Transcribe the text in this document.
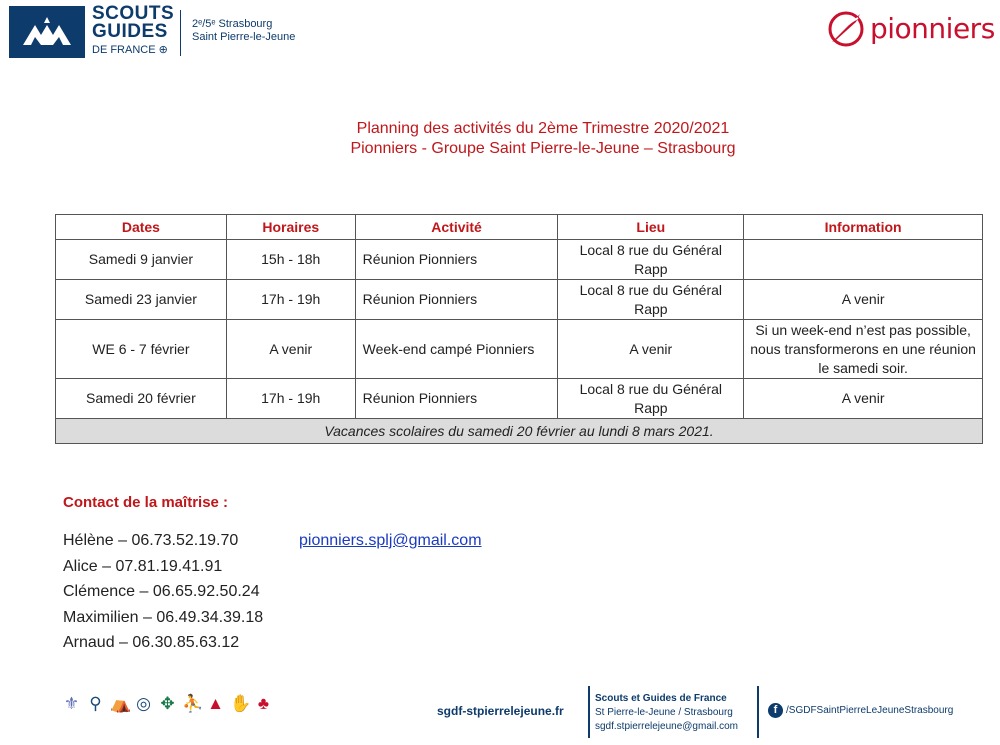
SCOUTS
GUIDES
DE FRANCE ⊕
2ᵉ/5ᵉ Strasbourg
Saint Pierre-le-Jeune	pionniers
Planning des activités du 2ème Trimestre 2020/2021
Pionniers - Groupe Saint Pierre-le-Jeune – Strasbourg
Dates	Horaires	Activité	Lieu	Information
Samedi 9 janvier	15h - 18h	Réunion Pionniers	Local 8 rue du Général Rapp	
Samedi 23 janvier	17h - 19h	Réunion Pionniers	Local 8 rue du Général Rapp	A venir
WE 6 - 7 février	A venir	Week-end campé Pionniers	A venir	Si un week-end n’est pas possible, nous transformerons en une réunion le samedi soir.
Samedi 20 février	17h - 19h	Réunion Pionniers	Local 8 rue du Général Rapp	A venir
Vacances scolaires du samedi 20 février au lundi 8 mars 2021.				
Contact de la maîtrise :
Hélène – 06.73.52.19.70
Alice – 07.81.19.41.91
Clémence – 06.65.92.50.24
Maximilien – 06.49.34.39.18
Arnaud – 06.30.85.63.12
pionniers.splj@gmail.com
⚜ ⚲ ⛺ ◎ ✥ ⛹ ▲ ✋ ♣	sgdf-stpierrelejeune.fr
Scouts et Guides de France
St Pierre-le-Jeune / Strasbourg
sgdf.stpierrelejeune@gmail.com
f /SGDFSaintPierreLeJeuneStrasbourg
